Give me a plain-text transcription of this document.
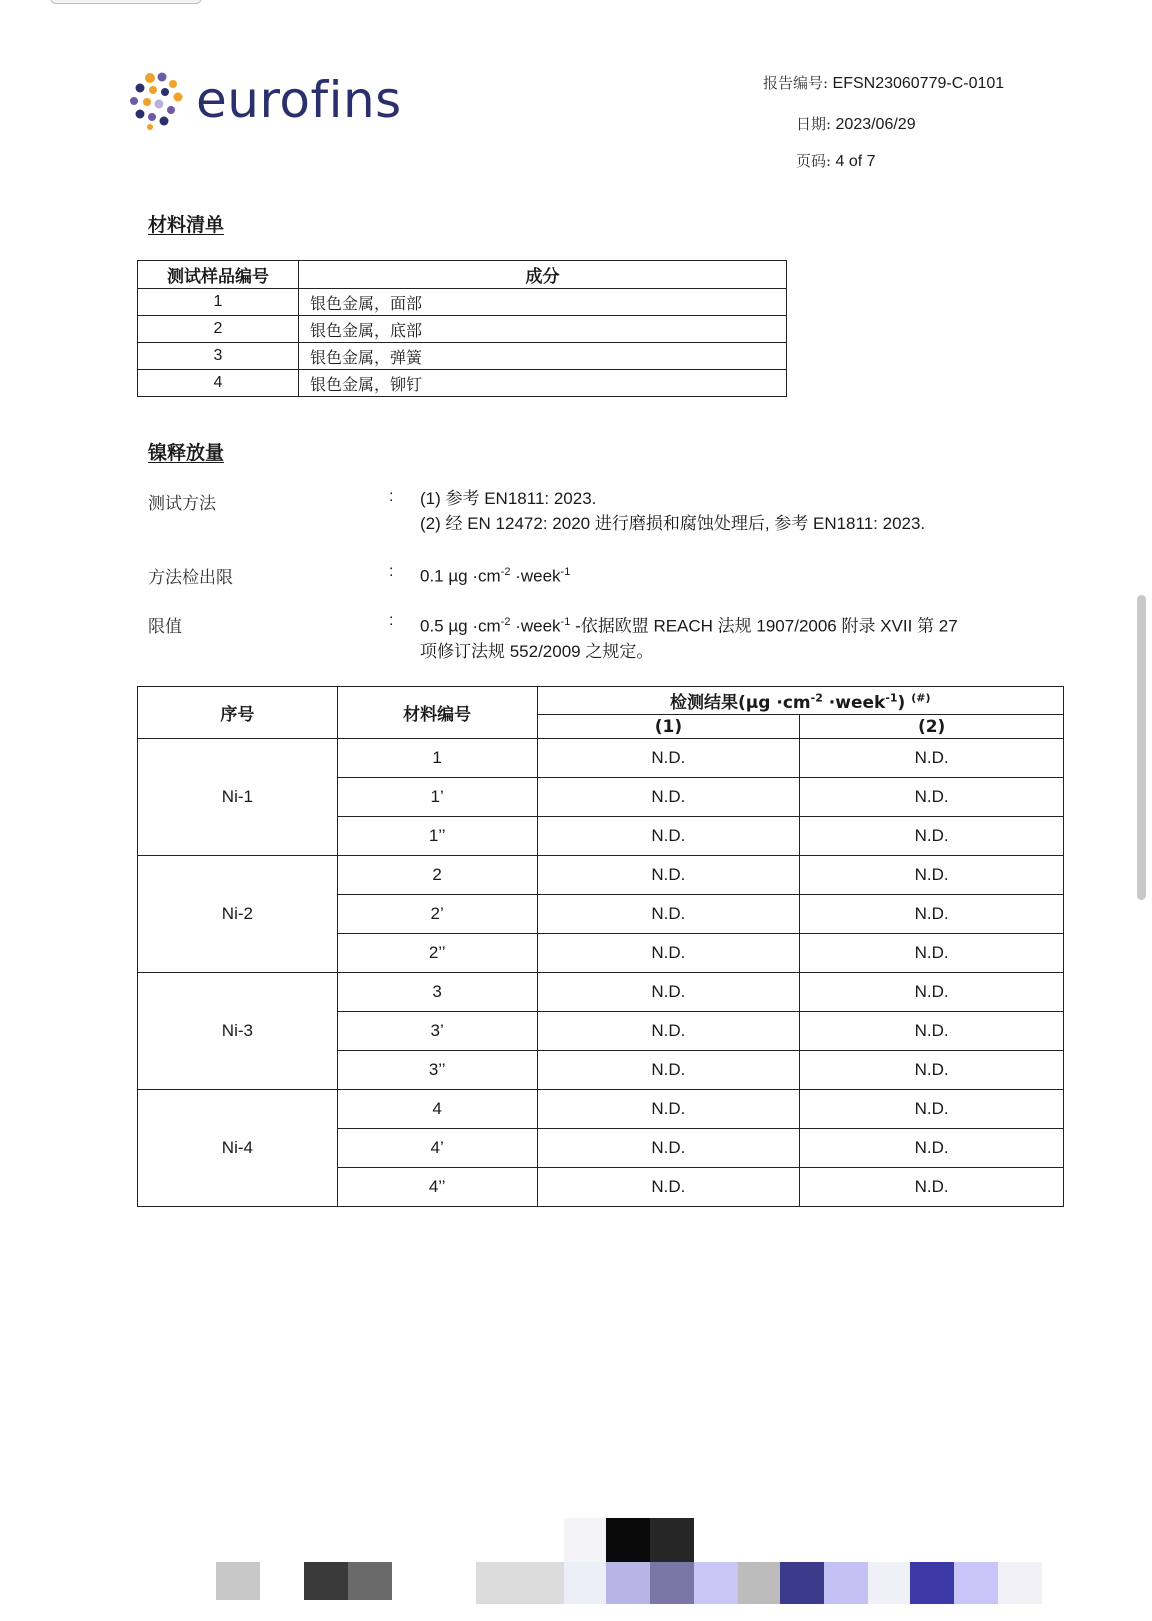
eurofins	报告编号: EFSN23060779-C-0101
日期: 2023/06/29
页码: 4 of 7
材料清单
测试样品编号	成分
1	银色金属，面部
2	银色金属，底部
3	银色金属，弹簧
4	银色金属，铆钉
镍释放量
测试方法	: (1) 参考 EN1811: 2023.
(2) 经 EN 12472: 2020 进行磨损和腐蚀处理后, 参考 EN1811: 2023.
方法检出限	: 0.1 $\mu g \cdot cm^{-2}$ ·week$^{-1}$
限值	: 0.5 $\mu g \cdot cm^{-2}$ ·week$^{-1}$ -依据欧盟 REACH 法规 1907/2006 附录 XVII 第 27
项修订法规 552/2009 之规定。
序号	材料编号	检测结果($\mu g \cdot cm^{-2}$ ·week$^{-1}$) (#)
		(1)	(2)
Ni-1	1	N.D.	N.D.
	1’	N.D.	N.D.
	1’’	N.D.	N.D.
Ni-2	2	N.D.	N.D.
	2’	N.D.	N.D.
	2’’	N.D.	N.D.
Ni-3	3	N.D.	N.D.
	3’	N.D.	N.D.
	3’’	N.D.	N.D.
Ni-4	4	N.D.	N.D.
	4’	N.D.	N.D.
	4’’	N.D.	N.D.
